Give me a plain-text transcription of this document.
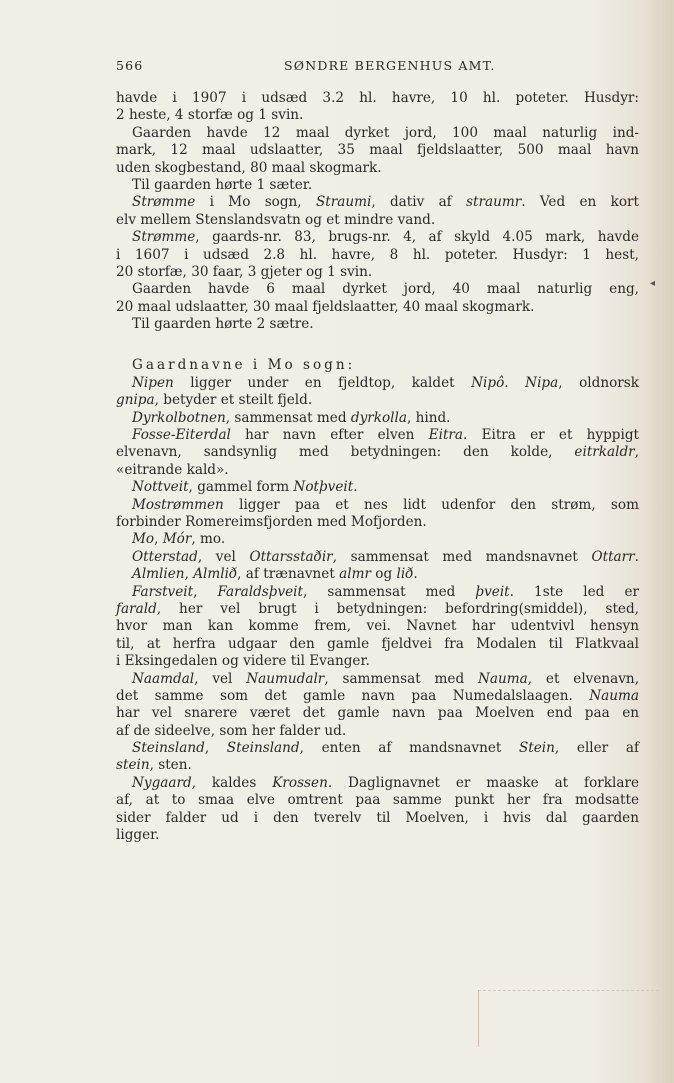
566	SØNDRE BERGENHUS AMT.
havde i 1907 i udsæd 3.2 hl. havre, 10 hl. poteter. Husdyr:
2 heste, 4 storfæ og 1 svin.
Gaarden havde 12 maal dyrket jord, 100 maal naturlig ind-
mark, 12 maal udslaatter, 35 maal fjeldslaatter, 500 maal havn
uden skogbestand, 80 maal skogmark.
Til gaarden hørte 1 sæter.
Strømme i Mo sogn, Straumi, dativ af straumr. Ved en kort
elv mellem Stenslandsvatn og et mindre vand.
Strømme, gaards-nr. 83, brugs-nr. 4, af skyld 4.05 mark, havde
i 1607 i udsæd 2.8 hl. havre, 8 hl. poteter. Husdyr: 1 hest,
20 storfæ, 30 faar, 3 gjeter og 1 svin.
Gaarden havde 6 maal dyrket jord, 40 maal naturlig eng,
20 maal udslaatter, 30 maal fjeldslaatter, 40 maal skogmark.
Til gaarden hørte 2 sætre.
Gaardnavne i Mo sogn:
Nipen ligger under en fjeldtop, kaldet Nipô. Nipa, oldnorsk
gnipa, betyder et steilt fjeld.
Dyrkolbotnen, sammensat med dyrkolla, hind.
Fosse-Eiterdal har navn efter elven Eitra. Eitra er et hyppigt
elvenavn, sandsynlig med betydningen: den kolde, eitrkaldr,
«eitrande kald».
Nottveit, gammel form Notþveit.
Mostrømmen ligger paa et nes lidt udenfor den strøm, som
forbinder Romereimsfjorden med Mofjorden.
Mo, Mór, mo.
Otterstad, vel Ottarsstaðir, sammensat med mandsnavnet Ottarr.
Almlien, Almlið, af trænavnet almr og lið.
Farstveit, Faraldsþveit, sammensat med þveit. 1ste led er
farald, her vel brugt i betydningen: befordring(smiddel), sted,
hvor man kan komme frem, vei. Navnet har udentvivl hensyn
til, at herfra udgaar den gamle fjeldvei fra Modalen til Flatkvaal
i Eksingedalen og videre til Evanger.
Naamdal, vel Naumudalr, sammensat med Nauma, et elvenavn,
det samme som det gamle navn paa Numedalslaagen. Nauma
har vel snarere været det gamle navn paa Moelven end paa en
af de sideelve, som her falder ud.
Steinsland, Steinsland, enten af mandsnavnet Stein, eller af
stein, sten.
Nygaard, kaldes Krossen. Daglignavnet er maaske at forklare
af, at to smaa elve omtrent paa samme punkt her fra modsatte
sider falder ud i den tverelv til Moelven, i hvis dal gaarden
ligger.
◂
